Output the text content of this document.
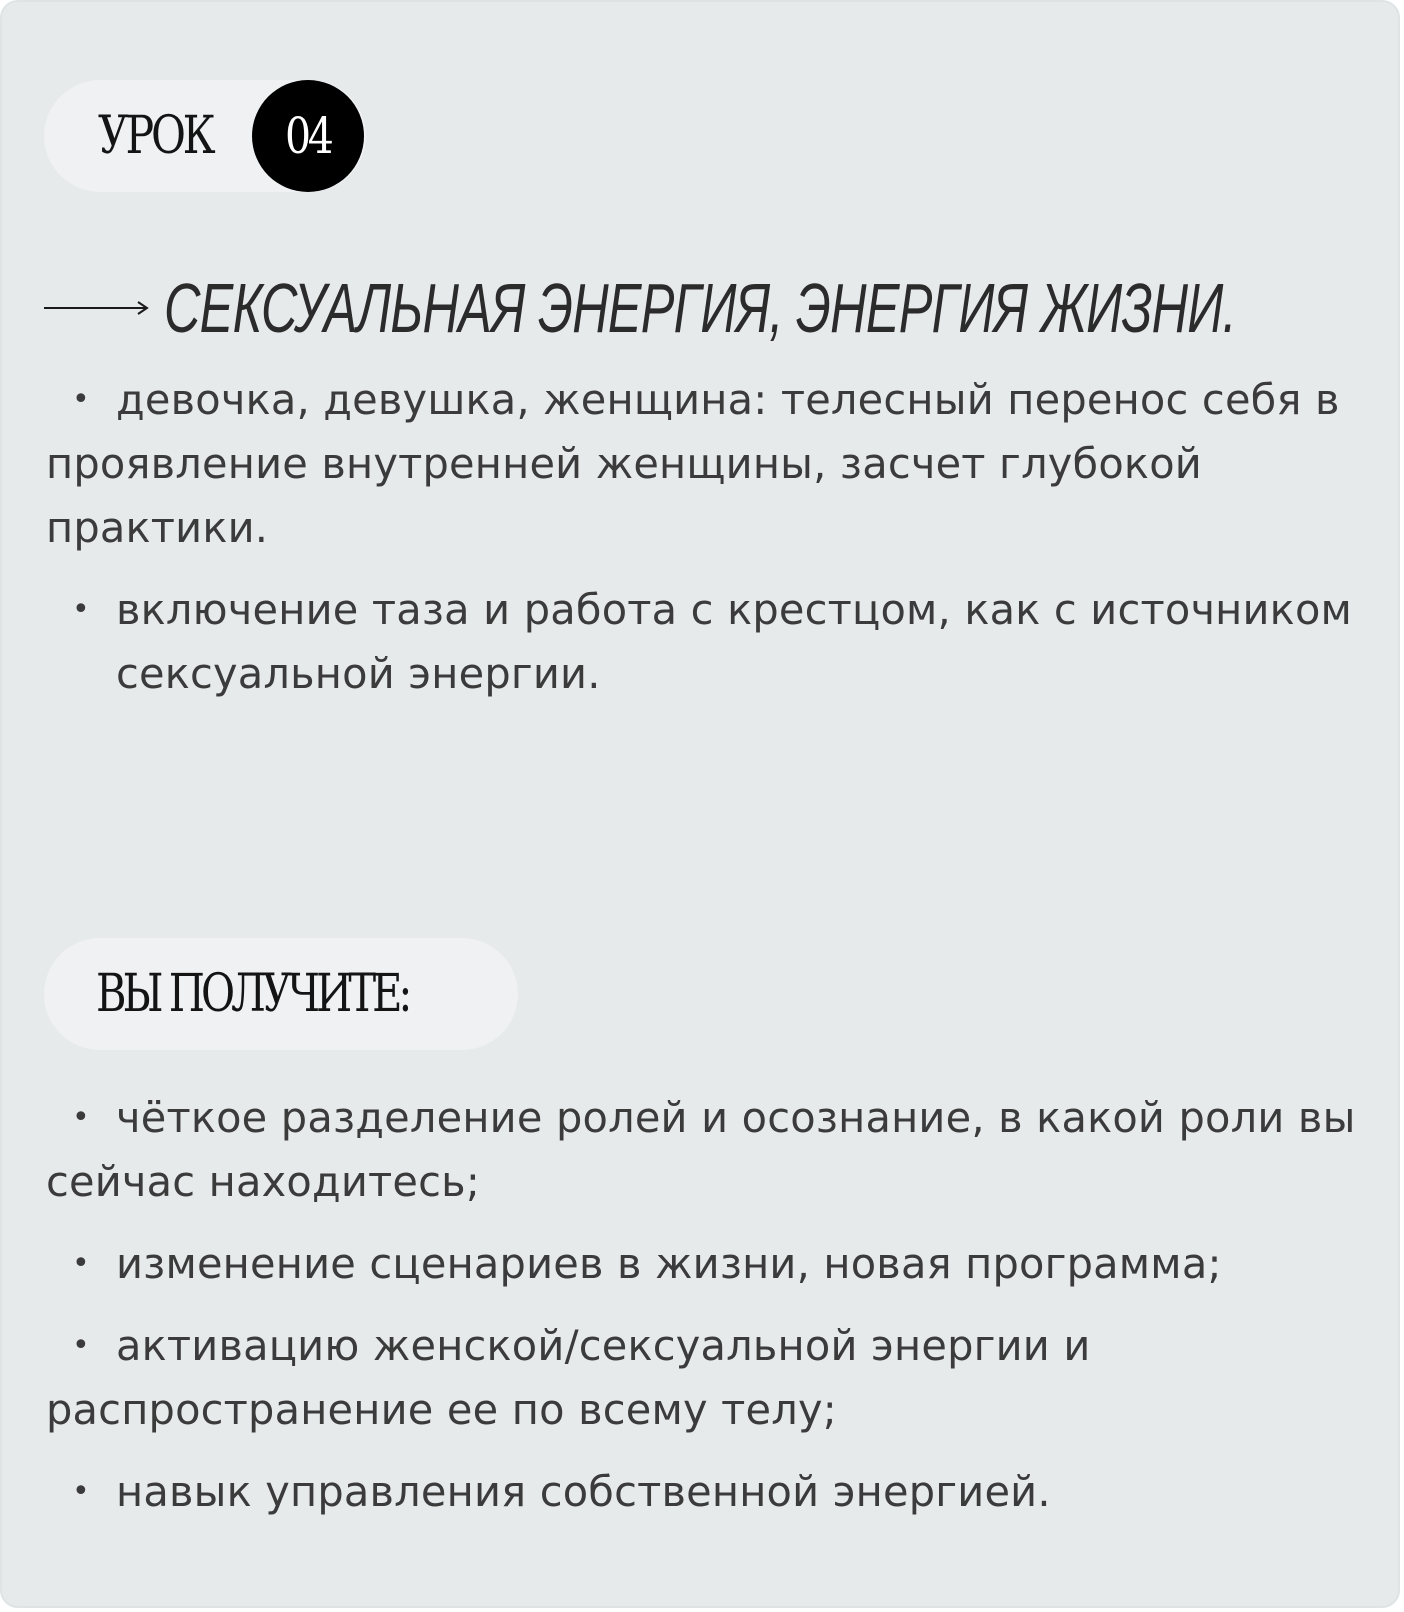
УРОК 04
СЕКСУАЛЬНАЯ ЭНЕРГИЯ, ЭНЕРГИЯ ЖИЗНИ.

• девочка, девушка, женщина: телесный перенос себя в проявление внутренней женщины, засчет глубокой практики.

• включение таза и работа с крестцом, как с источником сексуальной энергии.

ВЫ ПОЛУЧИТЕ:

• чёткое разделение ролей и осознание, в какой роли вы сейчас находитесь;

• изменение сценариев в жизни, новая программа;

• активацию женской/сексуальной энергии и распространение ее по всему телу;

• навык управления собственной энергией.
